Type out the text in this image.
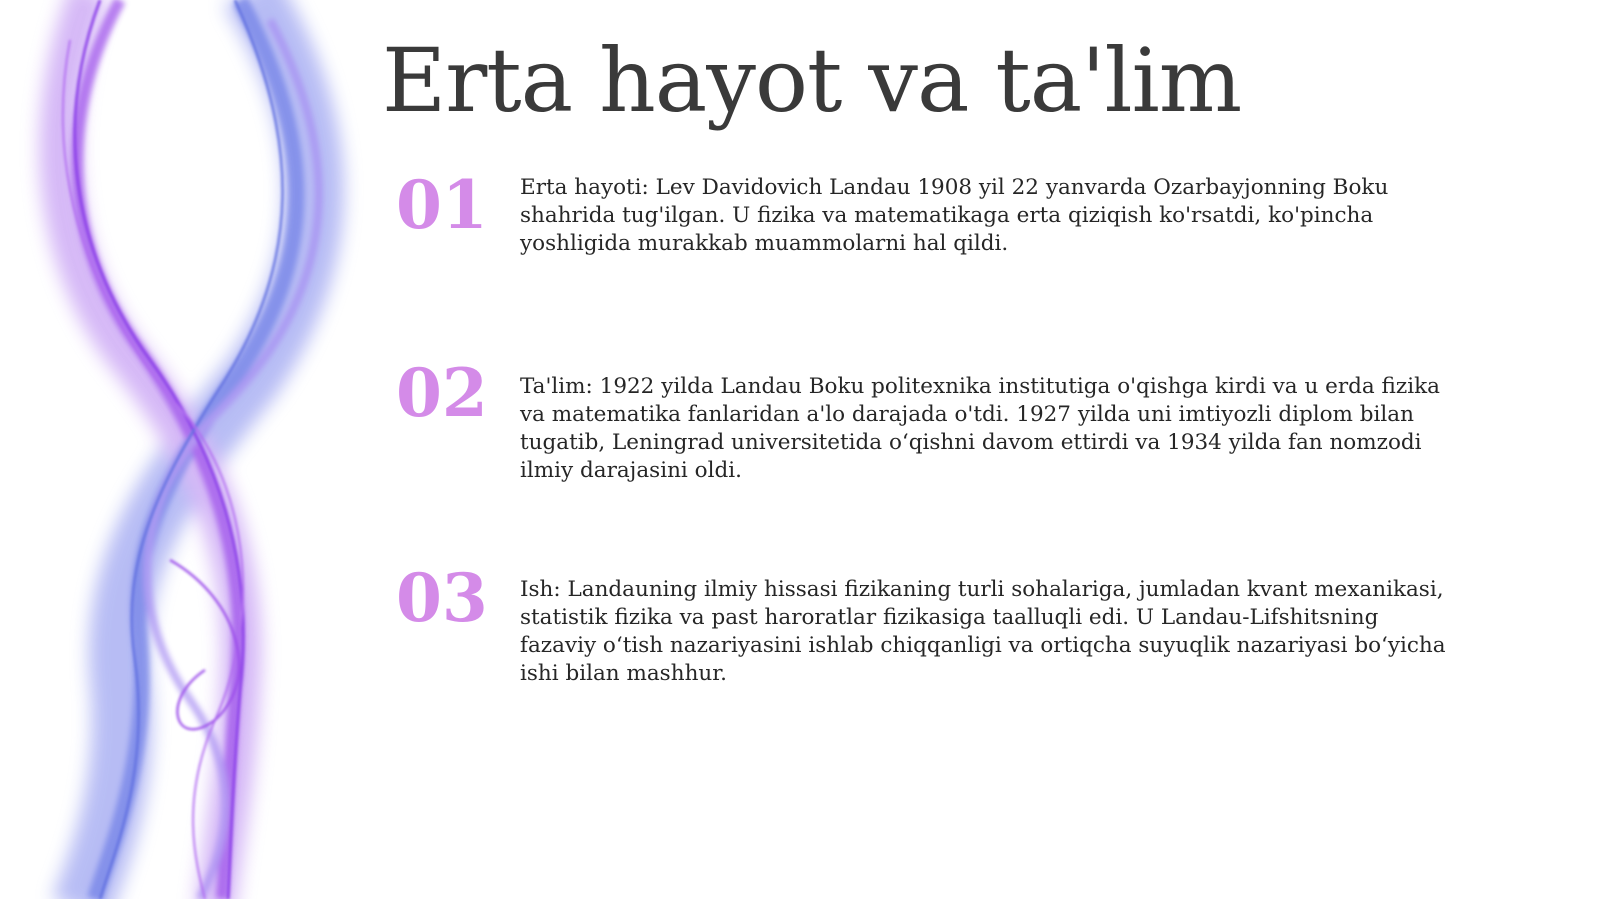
Erta hayot va ta'lim
01 Erta hayoti: Lev Davidovich Landau 1908 yil 22 yanvarda Ozarbayjonning Boku shahrida tug'ilgan. U fizika va matematikaga erta qiziqish ko'rsatdi, ko'pincha yoshligida murakkab muammolarni hal qildi.
02 Ta'lim: 1922 yilda Landau Boku politexnika institutiga o'qishga kirdi va u erda fizika va matematika fanlaridan a'lo darajada o'tdi. 1927 yilda uni imtiyozli diplom bilan tugatib, Leningrad universitetida o‘qishni davom ettirdi va 1934 yilda fan nomzodi ilmiy darajasini oldi.
03 Ish: Landauning ilmiy hissasi fizikaning turli sohalariga, jumladan kvant mexanikasi, statistik fizika va past haroratlar fizikasiga taalluqli edi. U Landau-Lifshitsning fazaviy o‘tish nazariyasini ishlab chiqqanligi va ortiqcha suyuqlik nazariyasi bo‘yicha ishi bilan mashhur.
